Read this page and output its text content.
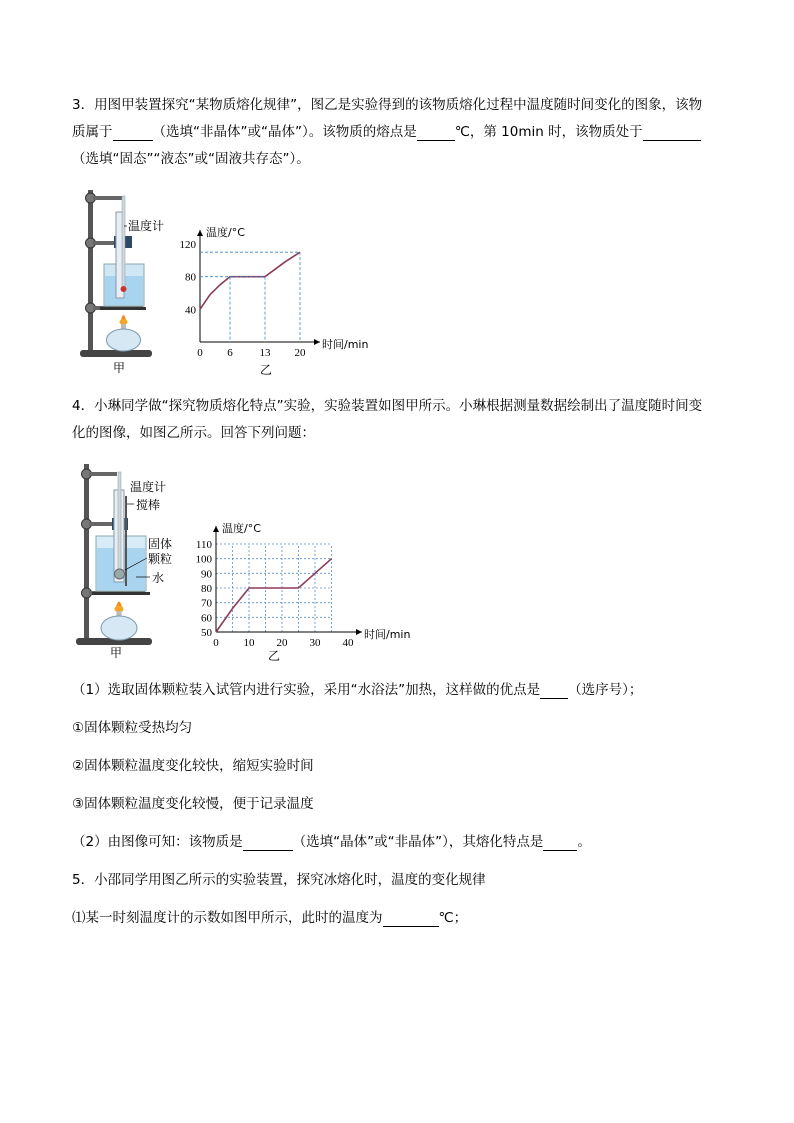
3．用图甲装置探究“某物质熔化规律”，图乙是实验得到的该物质熔化过程中温度随时间变化的图象，该物
质属于	（选填“非晶体”或“晶体”）。该物质的熔点是	℃，第 10min 时，该物质处于
（选填“固态”“液态”或“固液共存态”）。
温度计
甲
0 6 13 20
40
80
120
温度/°C
时间/min
乙
4．小琳同学做“探究物质熔化特点”实验，实验装置如图甲所示。小琳根据测量数据绘制出了温度随时间变
化的图像，如图乙所示。回答下列问题：
温度计
搅棒
固体
颗粒
水
甲
0 10 20 30 40
50
60
70
80
90
100
110
温度/°C
时间/min
乙
（1）选取固体颗粒装入试管内进行实验，采用“水浴法”加热，这样做的优点是 （选序号）；
①固体颗粒受热均匀
②固体颗粒温度变化较快，缩短实验时间
③固体颗粒温度变化较慢，便于记录温度
（2）由图像可知：该物质是	（选填“晶体”或“非晶体”），其熔化特点是	。
5．小邵同学用图乙所示的实验装置，探究冰熔化时，温度的变化规律
⑴某一时刻温度计的示数如图甲所示，此时的温度为	℃；
